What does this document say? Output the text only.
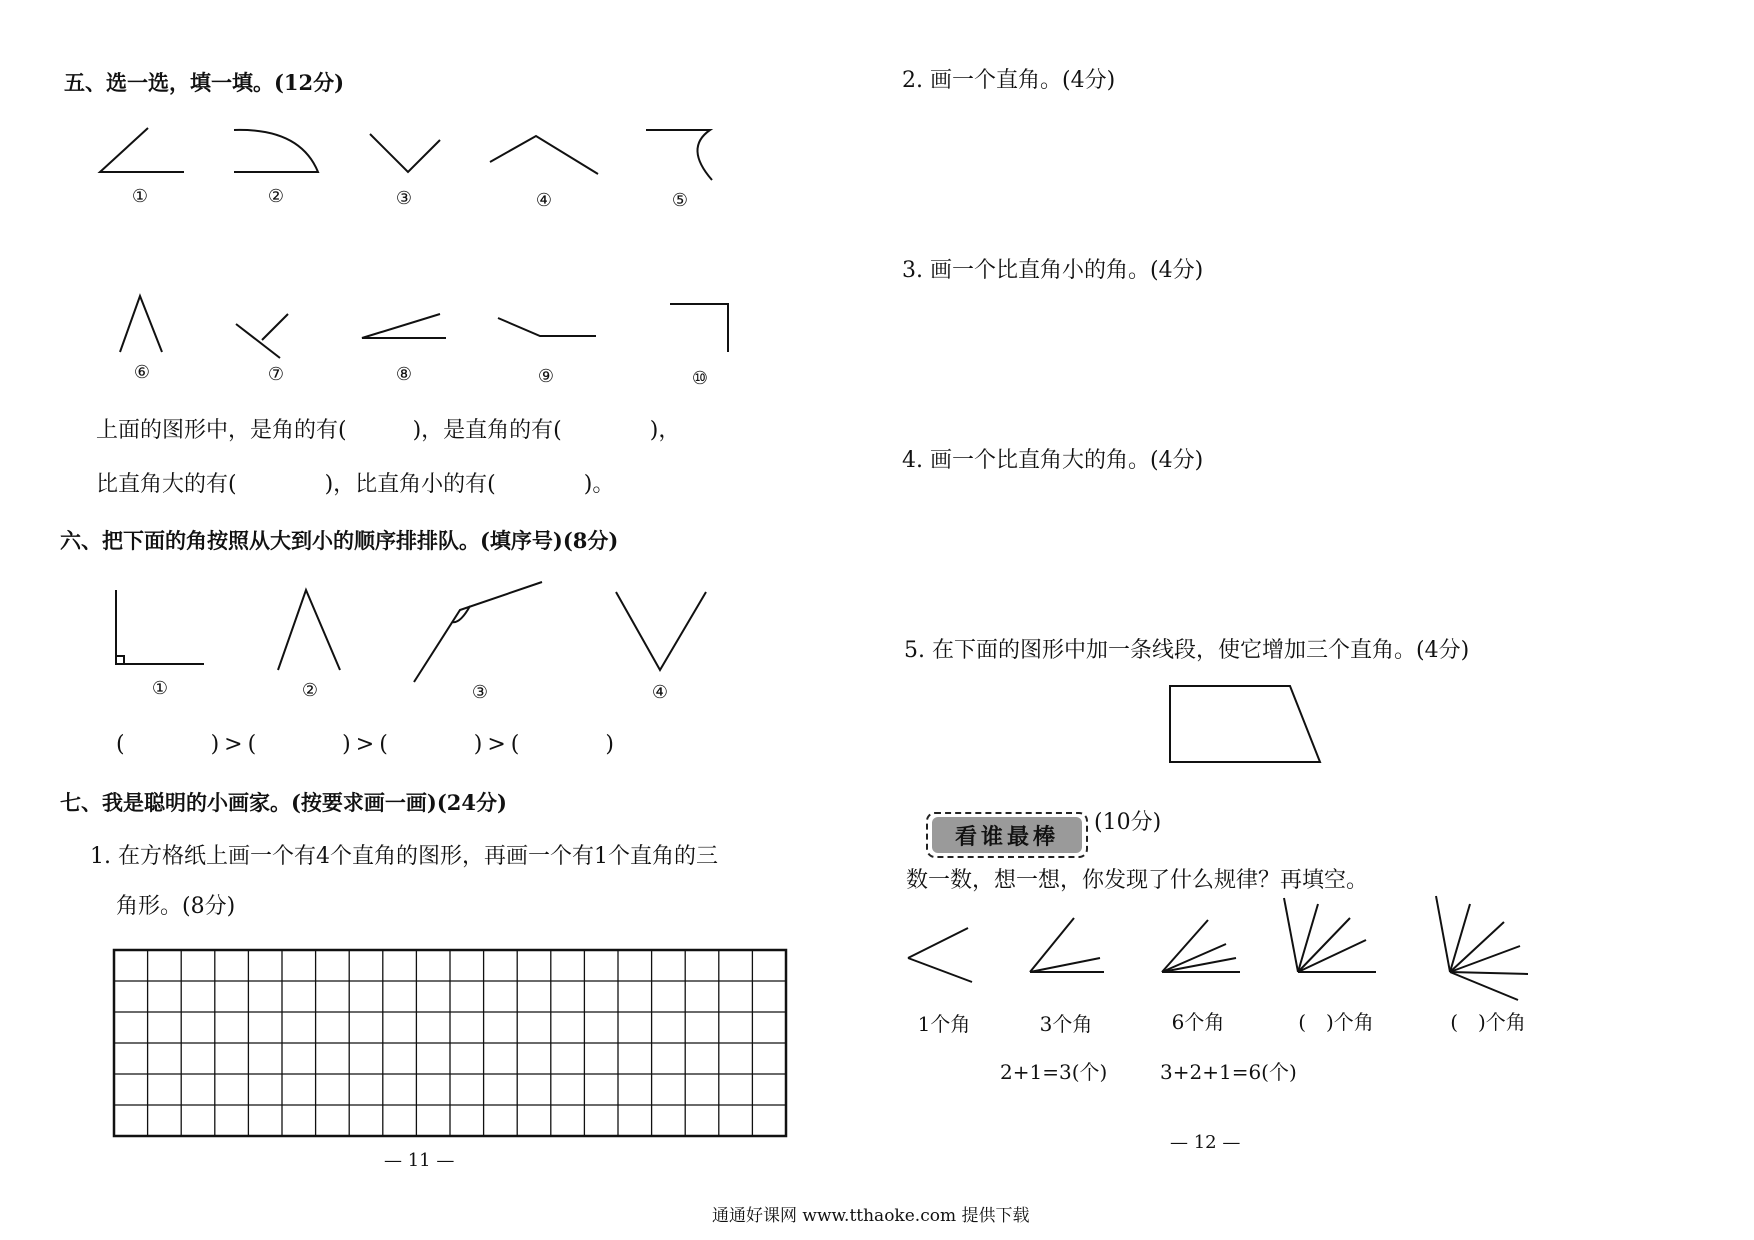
五、选一选，填一填。(12分)
①	②	③	④	⑤
⑥	⑦	⑧	⑨	⑩
上面的图形中，是角的有(　　　)，是直角的有(　　　　)，
比直角大的有(　　　　)，比直角小的有(　　　　)。
六、把下面的角按照从大到小的顺序排排队。(填序号)(8分)
①	②	③	④
(　　　)>(　　　)>(　　　)>(　　　)
七、我是聪明的小画家。(按要求画一画)(24分)
1. 在方格纸上画一个有4个直角的图形，再画一个有1个直角的三
角形。(8分)
— 11 —
2. 画一个直角。(4分)
3. 画一个比直角小的角。(4分)
4. 画一个比直角大的角。(4分)
5. 在下面的图形中加一条线段，使它增加三个直角。(4分)
看谁最棒
(10分)
数一数，想一想，你发现了什么规律？再填空。
1个角	3个角	6个角	(　)个角	(　)个角
2+1=3(个)	3+2+1=6(个)
— 12 —
通通好课网 www.tthaoke.com 提供下载
